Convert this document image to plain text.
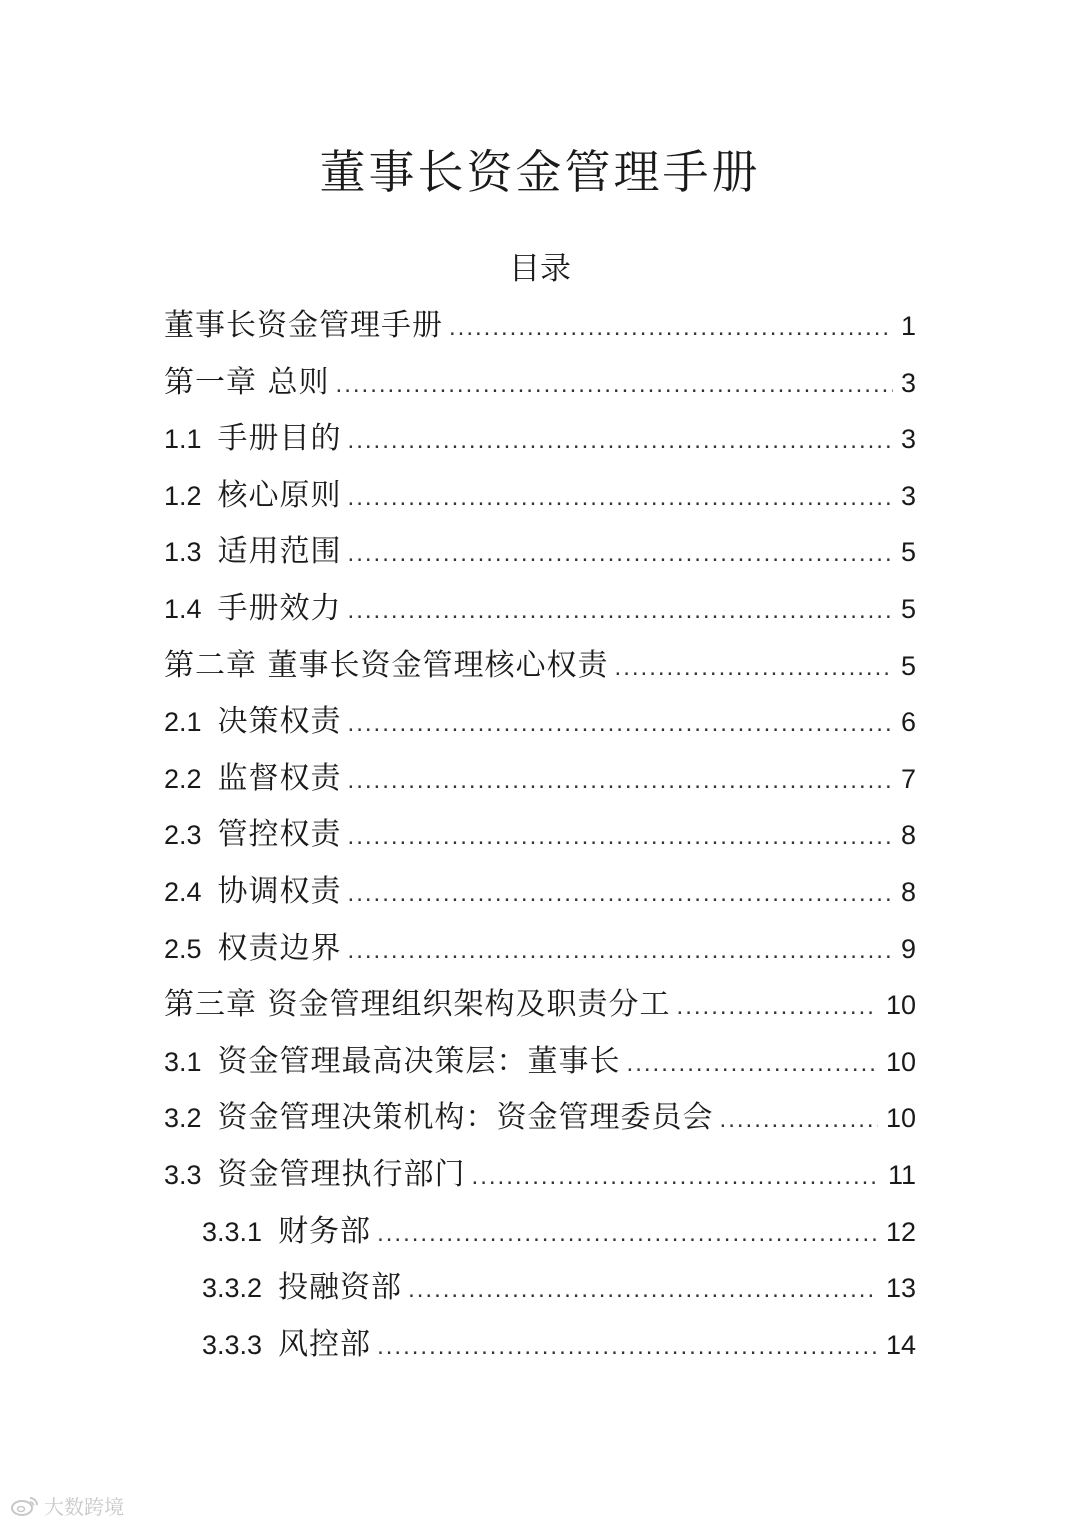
董事长资金管理手册
目录
董事长资金管理手册 .....	1
第一章 总则 .....	3
1.1 手册目的 .....	3
1.2 核心原则 .....	3
1.3 适用范围 .....	5
1.4 手册效力 .....	5
第二章 董事长资金管理核心权责 .....	5
2.1 决策权责 .....	6
2.2 监督权责 .....	7
2.3 管控权责 .....	8
2.4 协调权责 .....	8
2.5 权责边界 .....	9
第三章 资金管理组织架构及职责分工 .....	10
3.1 资金管理最高决策层：董事长 .....	10
3.2 资金管理决策机构：资金管理委员会 .....	10
3.3 资金管理执行部门 .....	11
3.3.1 财务部 .....	12
3.3.2 投融资部 .....	13
3.3.3 风控部 .....	14
大数跨境
